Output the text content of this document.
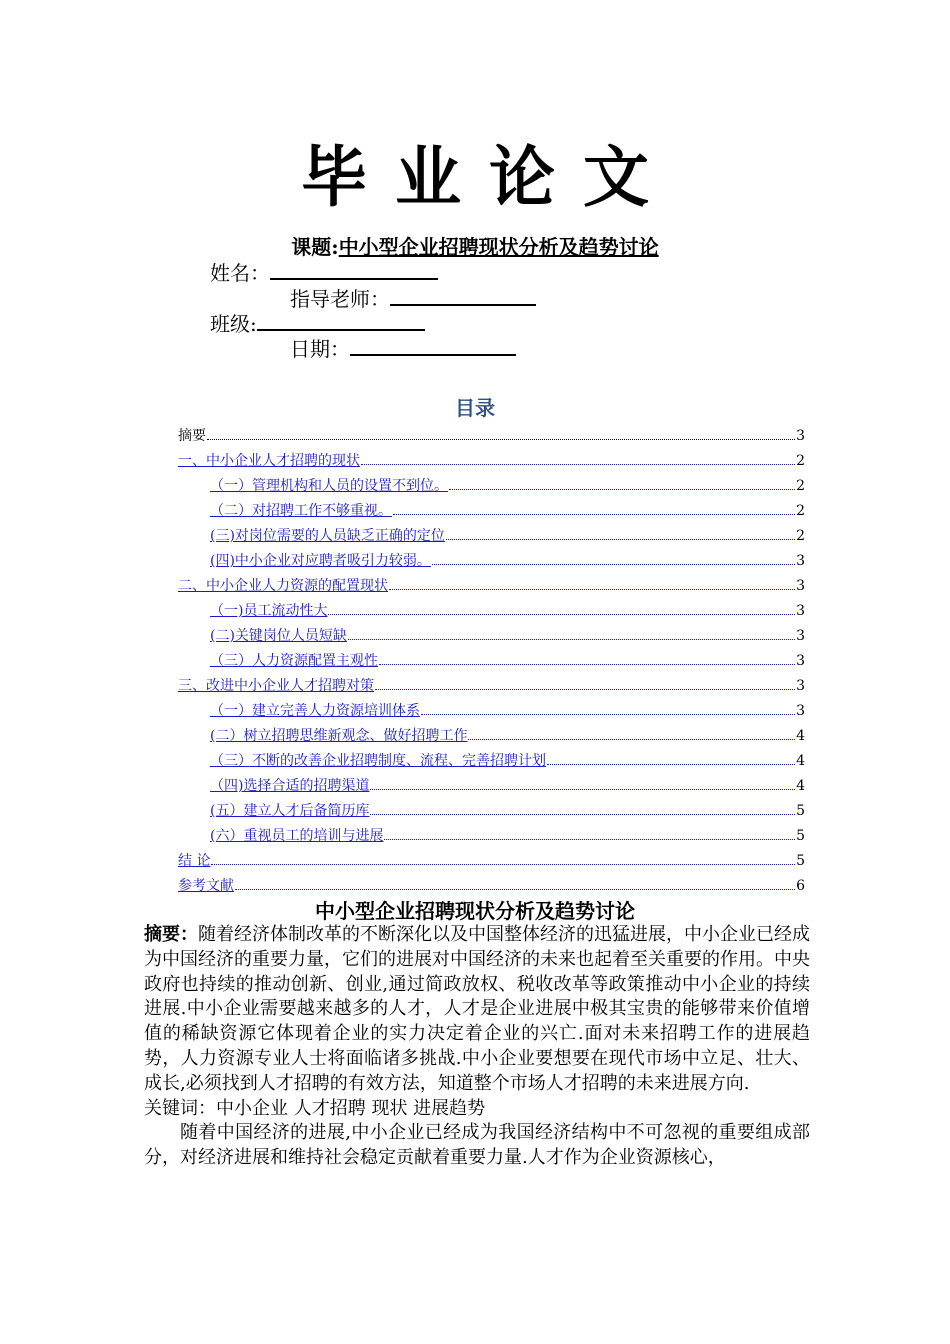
毕业论文
课题:中小型企业招聘现状分析及趋势讨论
姓名：
指导老师：
班级:
日期：
目录
摘要	3
一、中小企业人才招聘的现状	2
（一）管理机构和人员的设置不到位。	2
（二）对招聘工作不够重视。	2
(三)对岗位需要的人员缺乏正确的定位	2
(四)中小企业对应聘者吸引力较弱。	3
二、中小企业人力资源的配置现状	3
（一)员工流动性大	3
(二)关键岗位人员短缺	3
（三）人力资源配置主观性	3
三、改进中小企业人才招聘对策	3
（一）建立完善人力资源培训体系	3
(二）树立招聘思维新观念、做好招聘工作	4
（三）不断的改善企业招聘制度、流程、完善招聘计划	4
（四)选择合适的招聘渠道	4
(五）建立人才后备简历库	5
(六）重视员工的培训与进展	5
结 论	5
参考文献	6
中小型企业招聘现状分析及趋势讨论

摘要：随着经济体制改革的不断深化以及中国整体经济的迅猛进展，中小企业已经成为中国经济的重要力量，它们的进展对中国经济的未来也起着至关重要的作用。中央政府也持续的推动创新、创业,通过简政放权、税收改革等政策推动中小企业的持续进展.中小企业需要越来越多的人才，人才是企业进展中极其宝贵的能够带来价值增值的稀缺资源它体现着企业的实力决定着企业的兴亡.面对未来招聘工作的进展趋势，人力资源专业人士将面临诸多挑战.中小企业要想要在现代市场中立足、壮大、成长,必须找到人才招聘的有效方法，知道整个市场人才招聘的未来进展方向.

关键词：中小企业 人才招聘 现状 进展趋势

随着中国经济的进展,中小企业已经成为我国经济结构中不可忽视的重要组成部分，对经济进展和维持社会稳定贡献着重要力量.人才作为企业资源核心，
